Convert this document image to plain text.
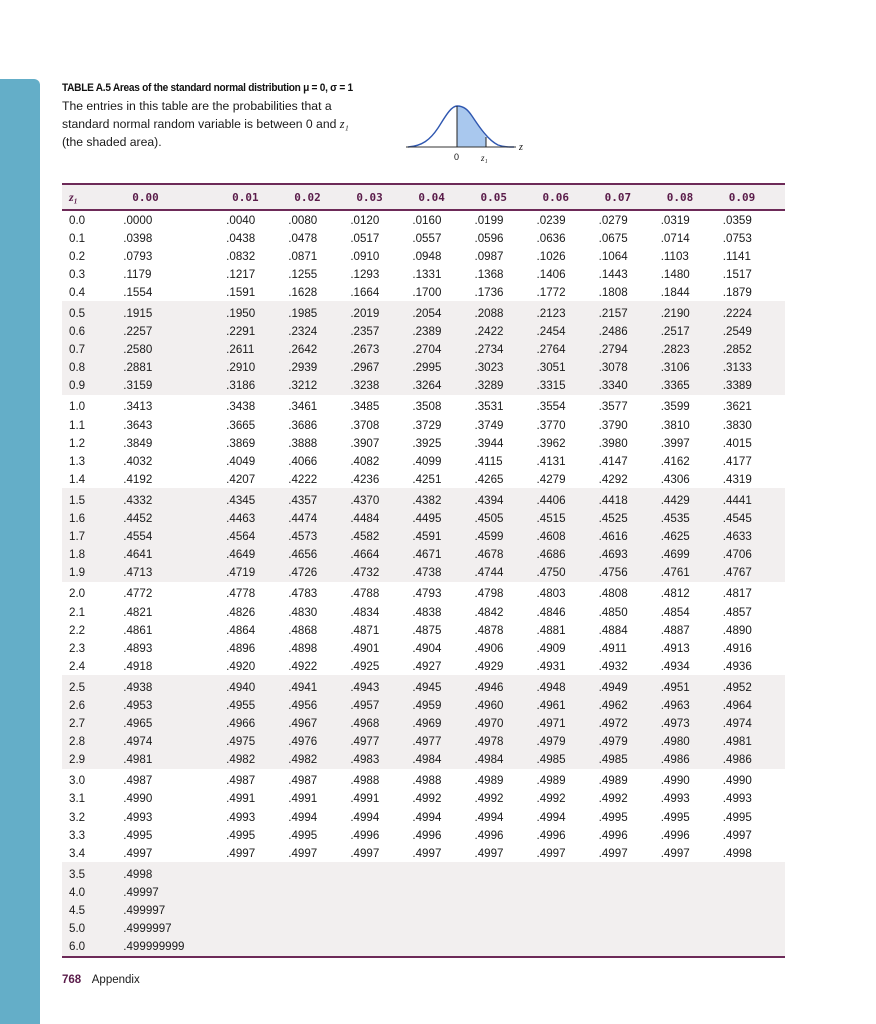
TABLE A.5 Areas of the standard normal distribution μ = 0, σ = 1
The entries in this table are the probabilities that a
standard normal random variable is between 0 and z₁
(the shaded area).
0 z₁
z
z₁	0.00	0.01	0.02	0.03	0.04	0.05	0.06	0.07	0.08	0.09
0.0	.0000	.0040	.0080	.0120	.0160	.0199	.0239	.0279	.0319	.0359
0.1	.0398	.0438	.0478	.0517	.0557	.0596	.0636	.0675	.0714	.0753
0.2	.0793	.0832	.0871	.0910	.0948	.0987	.1026	.1064	.1103	.1141
0.3	.1179	.1217	.1255	.1293	.1331	.1368	.1406	.1443	.1480	.1517
0.4	.1554	.1591	.1628	.1664	.1700	.1736	.1772	.1808	.1844	.1879
0.5	.1915	.1950	.1985	.2019	.2054	.2088	.2123	.2157	.2190	.2224
0.6	.2257	.2291	.2324	.2357	.2389	.2422	.2454	.2486	.2517	.2549
0.7	.2580	.2611	.2642	.2673	.2704	.2734	.2764	.2794	.2823	.2852
0.8	.2881	.2910	.2939	.2967	.2995	.3023	.3051	.3078	.3106	.3133
0.9	.3159	.3186	.3212	.3238	.3264	.3289	.3315	.3340	.3365	.3389
1.0	.3413	.3438	.3461	.3485	.3508	.3531	.3554	.3577	.3599	.3621
1.1	.3643	.3665	.3686	.3708	.3729	.3749	.3770	.3790	.3810	.3830
1.2	.3849	.3869	.3888	.3907	.3925	.3944	.3962	.3980	.3997	.4015
1.3	.4032	.4049	.4066	.4082	.4099	.4115	.4131	.4147	.4162	.4177
1.4	.4192	.4207	.4222	.4236	.4251	.4265	.4279	.4292	.4306	.4319
1.5	.4332	.4345	.4357	.4370	.4382	.4394	.4406	.4418	.4429	.4441
1.6	.4452	.4463	.4474	.4484	.4495	.4505	.4515	.4525	.4535	.4545
1.7	.4554	.4564	.4573	.4582	.4591	.4599	.4608	.4616	.4625	.4633
1.8	.4641	.4649	.4656	.4664	.4671	.4678	.4686	.4693	.4699	.4706
1.9	.4713	.4719	.4726	.4732	.4738	.4744	.4750	.4756	.4761	.4767
2.0	.4772	.4778	.4783	.4788	.4793	.4798	.4803	.4808	.4812	.4817
2.1	.4821	.4826	.4830	.4834	.4838	.4842	.4846	.4850	.4854	.4857
2.2	.4861	.4864	.4868	.4871	.4875	.4878	.4881	.4884	.4887	.4890
2.3	.4893	.4896	.4898	.4901	.4904	.4906	.4909	.4911	.4913	.4916
2.4	.4918	.4920	.4922	.4925	.4927	.4929	.4931	.4932	.4934	.4936
2.5	.4938	.4940	.4941	.4943	.4945	.4946	.4948	.4949	.4951	.4952
2.6	.4953	.4955	.4956	.4957	.4959	.4960	.4961	.4962	.4963	.4964
2.7	.4965	.4966	.4967	.4968	.4969	.4970	.4971	.4972	.4973	.4974
2.8	.4974	.4975	.4976	.4977	.4977	.4978	.4979	.4979	.4980	.4981
2.9	.4981	.4982	.4982	.4983	.4984	.4984	.4985	.4985	.4986	.4986
3.0	.4987	.4987	.4987	.4988	.4988	.4989	.4989	.4989	.4990	.4990
3.1	.4990	.4991	.4991	.4991	.4992	.4992	.4992	.4992	.4993	.4993
3.2	.4993	.4993	.4994	.4994	.4994	.4994	.4994	.4995	.4995	.4995
3.3	.4995	.4995	.4995	.4996	.4996	.4996	.4996	.4996	.4996	.4997
3.4	.4997	.4997	.4997	.4997	.4997	.4997	.4997	.4997	.4997	.4998
3.5	.4998									
4.0	.49997									
4.5	.499997									
5.0	.4999997									
6.0	.499999999									
768 Appendix
